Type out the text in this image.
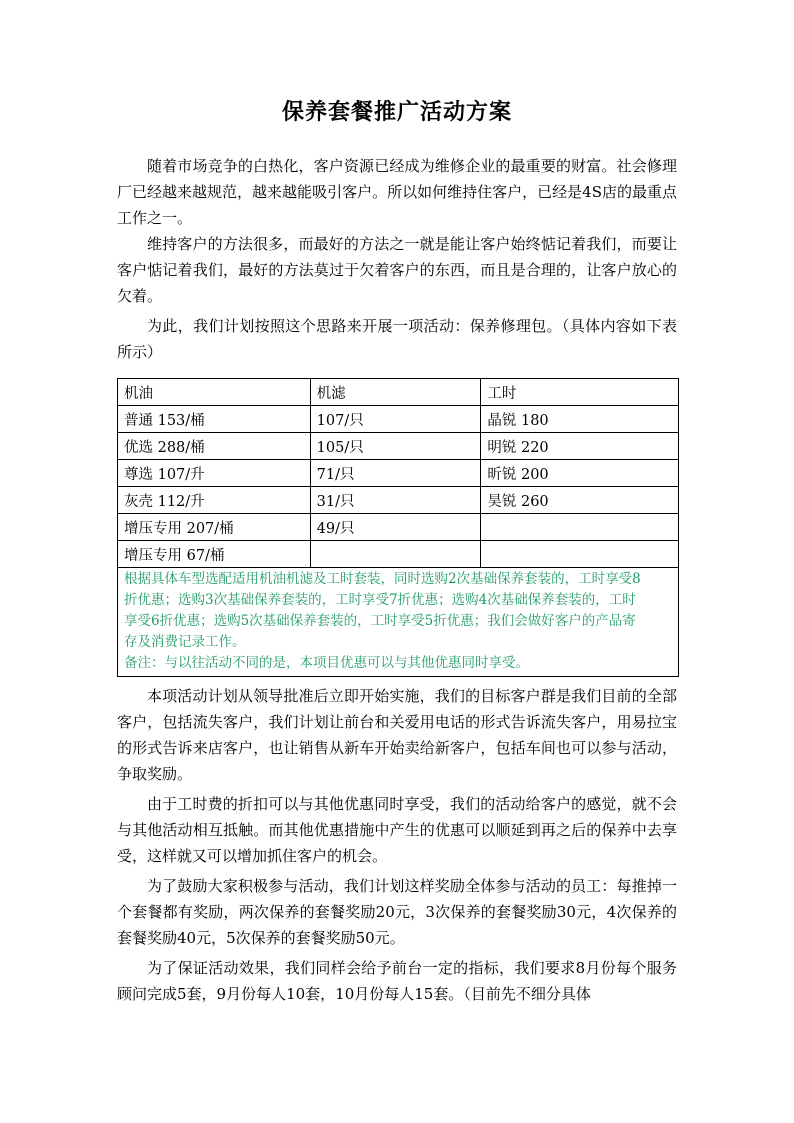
保养套餐推广活动方案

随着市场竞争的白热化，客户资源已经成为维修企业的最重要的财富。社会修理厂已经越来越规范，越来越能吸引客户。所以如何维持住客户，已经是4S店的最重点工作之一。

维持客户的方法很多，而最好的方法之一就是能让客户始终惦记着我们，而要让客户惦记着我们，最好的方法莫过于欠着客户的东西，而且是合理的，让客户放心的欠着。

为此，我们计划按照这个思路来开展一项活动：保养修理包。（具体内容如下表所示）

机油	机滤	工时
普通 153/桶	107/只	晶锐 180
优选 288/桶	105/只	明锐 220
尊选 107/升	71/只	昕锐 200
灰壳 112/升	31/只	昊锐 260
增压专用 207/桶	49/只	
增压专用 67/桶		

根据具体车型选配适用机油机滤及工时套装，同时选购2次基础保养套装的，工时享受8
折优惠；选购3次基础保养套装的，工时享受7折优惠；选购4次基础保养套装的，工时
享受6折优惠；选购5次基础保养套装的，工时享受5折优惠；我们会做好客户的产品寄
存及消费记录工作。
备注：与以往活动不同的是，本项目优惠可以与其他优惠同时享受。		

本项活动计划从领导批准后立即开始实施，我们的目标客户群是我们目前的全部客户，包括流失客户，我们计划让前台和关爱用电话的形式告诉流失客户，用易拉宝的形式告诉来店客户，也让销售从新车开始卖给新客户，包括车间也可以参与活动，争取奖励。

由于工时费的折扣可以与其他优惠同时享受，我们的活动给客户的感觉，就不会与其他活动相互抵触。而其他优惠措施中产生的优惠可以顺延到再之后的保养中去享受，这样就又可以增加抓住客户的机会。

为了鼓励大家积极参与活动，我们计划这样奖励全体参与活动的员工：每推掉一个套餐都有奖励，两次保养的套餐奖励20元，3次保养的套餐奖励30元，4次保养的套餐奖励40元，5次保养的套餐奖励50元。

为了保证活动效果，我们同样会给予前台一定的指标，我们要求8月份每个服务顾问完成5套，9月份每人10套，10月份每人15套。（目前先不细分具体
